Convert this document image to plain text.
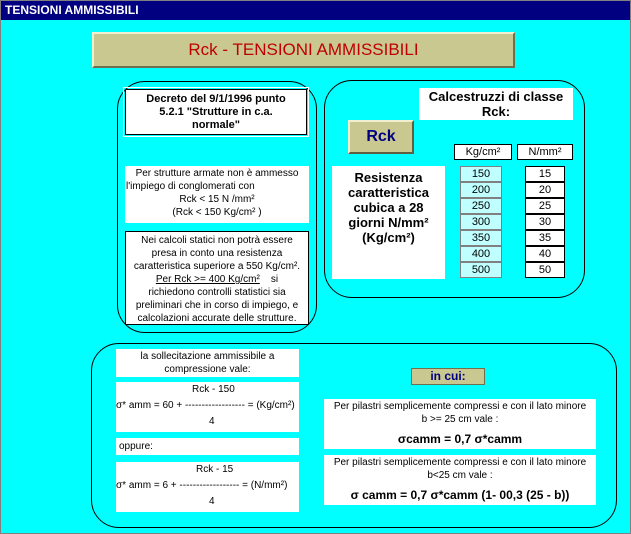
TENSIONI AMMISSIBILI
Rck - TENSIONI AMMISSIBILI
Decreto del 9/1/1996 punto
5.2.1 "Strutture in c.a.
normale"
Per strutture armate non è ammesso
l'impiego di conglomerati con
Rck < 15 N /mm²
(Rck < 150 Kg/cm² )
Nei calcoli statici non potrà essere
presa in conto una resistenza
caratteristica superiore a 550 Kg/cm².
Per Rck >= 400 Kg/cm² si
richiedono controlli statistici sia
preliminari che in corso di impiego, e
calcolazioni accurate delle strutture.
Calcestruzzi di classe
Rck:
Rck
Kg/cm²	N/mm²
Resistenza
caratteristica
cubica a 28
giorni N/mm²
(Kg/cm²)
150
200
250
300
350
400
500
15
20
25
30
35
40
50
la sollecitazione ammissibile a
compressione vale:
Rck - 150
σ* amm = 60 + ------------------ = (Kg/cm²)
4
oppure:
Rck - 15
σ* amm = 6 + ------------------ = (N/mm²)
4
in cui:
Per pilastri semplicemente compressi e con il lato minore
b >= 25 cm vale :
σcamm = 0,7 σ*camm
Per pilastri semplicemente compressi e con il lato minore
b<25 cm vale :
σ camm = 0,7 σ*camm (1- 00,3 (25 - b))
